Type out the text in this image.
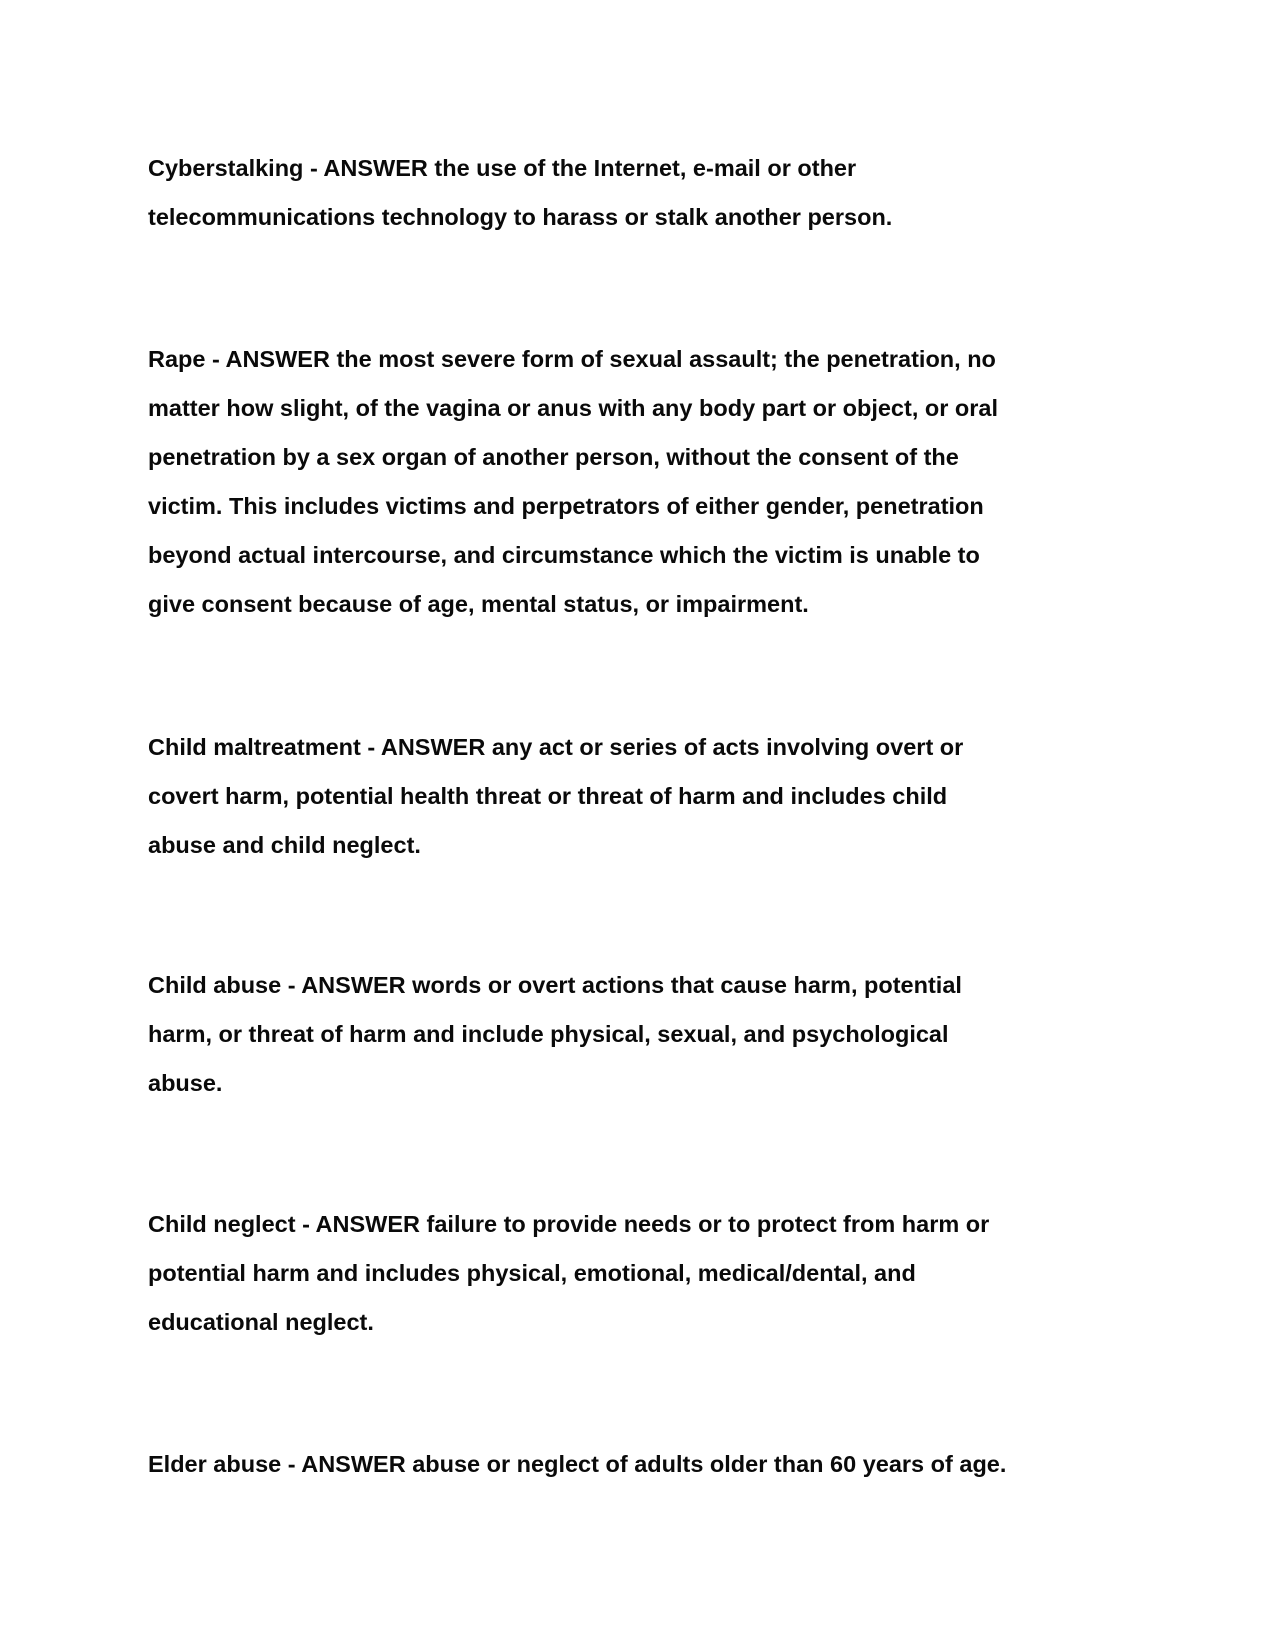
Cyberstalking - ANSWER the use of the Internet, e-mail or other
telecommunications technology to harass or stalk another person.
Rape - ANSWER the most severe form of sexual assault; the penetration, no
matter how slight, of the vagina or anus with any body part or object, or oral
penetration by a sex organ of another person, without the consent of the
victim. This includes victims and perpetrators of either gender, penetration
beyond actual intercourse, and circumstance which the victim is unable to
give consent because of age, mental status, or impairment.
Child maltreatment - ANSWER any act or series of acts involving overt or
covert harm, potential health threat or threat of harm and includes child
abuse and child neglect.
Child abuse - ANSWER words or overt actions that cause harm, potential
harm, or threat of harm and include physical, sexual, and psychological
abuse.
Child neglect - ANSWER failure to provide needs or to protect from harm or
potential harm and includes physical, emotional, medical/dental, and
educational neglect.
Elder abuse - ANSWER abuse or neglect of adults older than 60 years of age.
